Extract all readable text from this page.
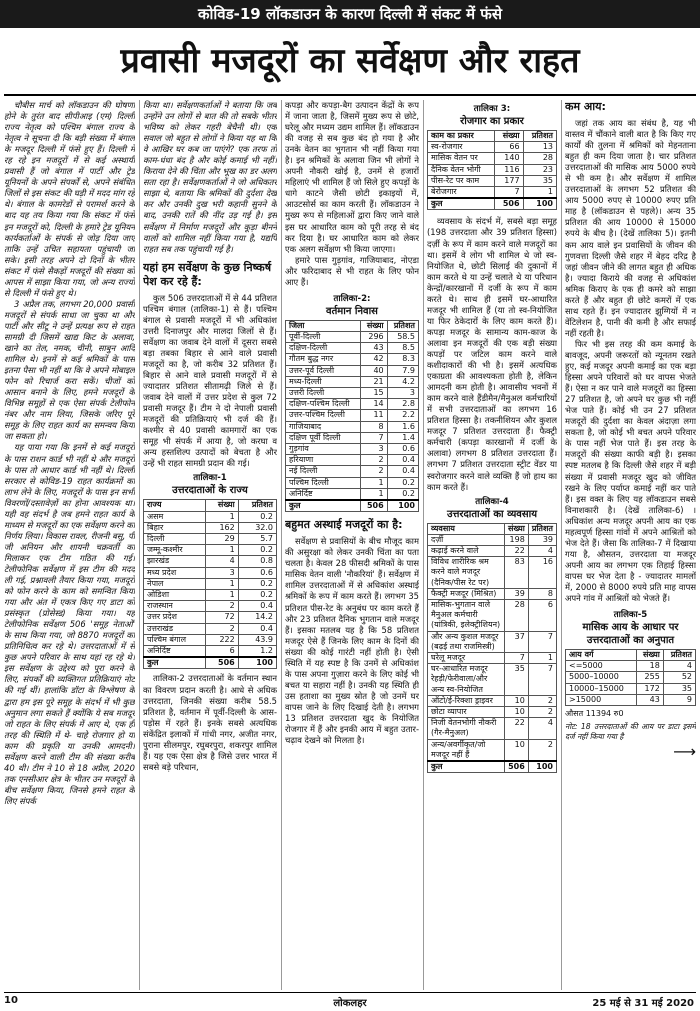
कोविड-19 लॉकडाउन के कारण दिल्ली में संकट में फंसे
प्रवासी मजदूरों का सर्वेक्षण और राहत

चौबीस मार्च को लॉकडाउन की घोषणा होने के तुरंत बाद सीपीआइ (एम) दिल्ली राज्य नेतृत्व को पश्चिम बंगाल राज्य के नेतृत्व ने सूचना दी कि बड़ी संख्या में बंगाल के मजदूर दिल्ली में फंसे हुए हैं। दिल्ली में रह रहे इन मजदूरों में से कई अस्थायी प्रवासी हैं जो बंगाल में पार्टी और ट्रेड यूनियनों के अपने संपर्कों से, अपने संबंधित जिलों से इस संकट की घड़ी में मदद मांग रहे थे। बंगाल के कामरेडों से परामर्श करने के बाद यह तय किया गया कि संकट में फंसे इन मजदूरों को, दिल्ली के हमारे ट्रेड यूनियन कार्यकर्ताओं के संपर्क से जोड़ दिया जाए ताकि उन्हें उचित सहायता पहुंचायी जा सके। इसी तरह अपने दो दिनों के भीतर संकट में फंसे सैकड़ों मजदूरों की संख्या को आपस में साझा किया गया, जो अन्य राज्यों से दिल्ली में फंसे हुए थे।

3 अप्रैल तक, लगभग 20,000 प्रवासी मजदूरों से संपर्क साधा जा चुका था और पार्टी और सीटू ने उन्हें प्रत्यक्ष रूप से राहत सामग्री दी जिसमें खाद्य किट के अलावा, खाने का तेल, नमक, चीनी, साबुन आदि शामिल थे। इनमें से कई श्रमिकों के पास इतना पैसा भी नहीं था कि वे अपने मोबाइल फोन को रिचार्ज करा सकें। चीजों को आसान बनाने के लिए, हमने मजदूरों के विभिन्न समूहों से एक ऐसा संपर्क टेलीफोन नंबर और नाम लिया, जिसके जरिए पूरे समूह के लिए राहत कार्य का समन्वय किया जा सकता हो।

यह पाया गया कि इनमें से कई मजदूरों के पास राशन कार्ड भी नहीं थे और मजदूरों के पास तो आधार कार्ड भी नहीं थे। दिल्ली सरकार से कोविड-19 राहत कार्यक्रमों का लाभ लेने के लिए, मजदूरों के पास इन सभी विवरणों/दस्तावेज़ों का होना आवश्यक था। यही वह संदर्भ है जब हमने राहत कार्य के माध्यम से मजदूरों का एक सर्वेक्षण करने का निर्णय लिया। विकास रावल, रीजनी बसु, पी जी अनियन और शायनी चक्रवर्ती का मिलाकर एक टीम गठित की गई। टेलीफोनिक सर्वेक्षण में इस टीम की मदद ली गई, प्रश्नावली तैयार किया गया, मजदूरों को फोन करने के काम को समन्वित किया गया और अंत में एकत्र किए गए डाटा को प्रसंस्कृत (प्रोसेस्ड) किया गया। यह टेलीफोनिक सर्वेक्षण 506 'समूह नेताओं' के साथ किया गया, जो 8870 मजदूरों का प्रतिनिधित्व कर रहे थे। उत्तरदाताओं में से कुछ अपने परिवार के साथ यहां रह रहे थे। इस सर्वेक्षण के उद्देश्य को पूरा करने के लिए, संपर्कों की व्यक्तिगत प्रतिक्रियाएं नोट की गई थीं। हालांकि डॉटा के विश्लेषण के द्वारा हम इस पूरे समूह के संदर्भ में भी कुछ अनुमान लगा सकते हैं क्योंकि ये सब मजदूर जो राहत के लिए संपर्क में आए थे, एक ही तरह की स्थिति में थे- चाहे रोजगार हो या काम की प्रकृति या उनकी आमदनी। सर्वेक्षण करने वाली टीम की संख्या करीब 40 थी। टीम ने 10 से 18 अप्रैल, 2020 तक एनसीआर क्षेत्र के भीतर उन मजदूरों के बीच सर्वेक्षण किया, जिनसे हमने राहत के लिए संपर्क

किया था। सर्वेक्षणकर्ताओं ने बताया कि जब उन्होंने उन लोगों से बात की तो सबके भीतर भविष्य को लेकर गहरी बेचैनी थी। एक सवाल जो बहुत से लोगों ने किया यह था कि वे आखिर घर कब जा पाएंगे? एक तरफ तो काम-धंधा बंद है और कोई कमाई भी नहीं। किराया देने की चिंता और भूख का डर अलग सता रहा है। सर्वेक्षणकर्ताओं ने जो अधिकतर साझा थे, बताया कि श्रमिकों की दुर्दशा देख कर और उनकी दुख भरी कहानी सुनने के बाद, उनकी रातें की नींद उड़ गई है। इस सर्वेक्षण में निर्माण मजदूरों और कूड़ा बीनने वालों को शामिल नहीं किया गया है, यद्यपि राहत सब तक पहुंचायी गई है।

यहां हम सर्वेक्षण के कुछ निष्कर्ष पेश कर रहे हैं:

कुल 506 उत्तरदाताओं में से 44 प्रतिशत पश्चिम बंगाल (तालिका-1) से हैं। पश्चिम बंगाल से प्रवासी मजदूरों में भी अधिकांश उत्तरी दिनाजपुर और मालदा जिलों से हैं। सर्वेक्षण का जवाब देने वालों में दूसरा सबसे बड़ा तबका बिहार से आने वाले प्रवासी मजदूरों का है, जो करीब 32 प्रतिशत हैं। बिहार से आने वाले प्रवासी मजदूरों में से ज्यादातर प्रतिशत सीतामढ़ी जिले से हैं। जवाब देने वालों में उत्तर प्रदेश से कुल 72 प्रवासी मजदूर हैं। टीम ने दो नेपाली प्रवासी मजदूरों की प्रतिक्रियाएं भी दर्ज की हैं। कश्मीर से 40 प्रवासी कामगारों का एक समूह भी संपर्क में आया है, जो करघा व अन्य हस्तशिल्प उत्पादों को बेचता है और उन्हें भी राहत सामग्री प्रदान की गई।

तालिका-1
उत्तरदाताओं के राज्य
राज्य	संख्या	प्रतिशत
असम	1	0.2
बिहार	162	32.0
दिल्ली	29	5.7
जम्मू-कश्मीर	1	0.2
झारखंड	4	0.8
मध्य प्रदेश	3	0.6
नेपाल	1	0.2
ओडिशा	1	0.2
राजस्थान	2	0.4
उत्तर प्रदेश	72	14.2
उत्तराखंड	2	0.4
पश्चिम बंगाल	222	43.9
अनिर्दिष्ट	6	1.2
कुल	506	100

तालिका-2 उत्तरदाताओं के वर्तमान स्थान का विवरण प्रदान करती है। आधे से अधिक उत्तरदाता, जिनकी संख्या करीब 58.5 प्रतिशत है, वर्तमान में पूर्वी-दिल्ली के आस-पड़ोस में रहते हैं। इनके सबसे अत्यधिक संकेंद्रित इलाकों में गांधी नगर, अजीत नगर, पुराना सीलमपुर, रघुबरपुरा, शकरपुर शामिल हैं। यह एक ऐसा क्षेत्र है जिसे उत्तर भारत में सबसे बड़े परिधान,

कपड़ा और कपड़ा-बैग उत्पादन केंद्रों के रूप में जाना जाता है, जिसमें मुख्य रूप से छोटे, घरेलू और मध्यम उद्यम शामिल हैं। लॉकडाउन की वजह से सब कुछ बंद हो गया है और उनके वेतन का भुगतान भी नहीं किया गया है। इन श्रमिकों के अलावा जिन भी लोगों ने अपनी नौकरी खोई है, उनमें से हजारों महिलाएं भी शामिल हैं जो सिले हुए कपड़ों के धागे काटने जैसी छोटी इकाइयों में, आउटसोर्स का काम करती हैं। लॉकडाउन ने मुख्य रूप से महिलाओं द्वारा किए जाने वाले इस घर आधारित काम को पूरी तरह से बंद कर दिया है। घर आधारित काम को लेकर एक अलग सर्वेक्षण भी किया जाएगा।

हमारे पास गुड़गांव, गाजियाबाद, नोएडा और फरिदाबाद से भी राहत के लिए फोन आए हैं।

तालिका-2:
वर्तमान निवास
जिला	संख्या	प्रतिशत
पूर्वी-दिल्ली	296	58.5
दक्षिण-दिल्ली	43	8.5
गौतम बुद्ध नगर	42	8.3
उत्तर-पूर्व दिल्ली	40	7.9
मध्य-दिल्ली	21	4.2
उत्तरी दिल्ली	15	3
दक्षिण-पश्चिम दिल्ली	14	2.8
उत्तर-पश्चिम दिल्ली	11	2.2
गाजियाबाद	8	1.6
दक्षिण पूर्वी दिल्ली	7	1.4
गुड़गांव	3	0.6
हरियाणा	2	0.4
नई दिल्ली	2	0.4
पश्चिम दिल्ली	1	0.2
अनिर्दिष्ट	1	0.2
कुल	506	100
बहुमत अस्थाई मजदूरों का है:

सर्वेक्षण से प्रवासियों के बीच मौजूद काम की असुरक्षा को लेकर उनकी चिंता का पता चलता है। केवल 28 फीसदी श्रमिकों के पास मासिक वेतन वाली 'नौकरियां' हैं। सर्वेक्षण में शामिल उत्तरदाताओं में से अधिकांश अस्थाई श्रमिकों के रूप में काम करते हैं। लगभग 35 प्रतिशत पीस-रेट के अनुबंध पर काम करते हैं और 23 प्रतिशत दैनिक भुगतान वाले मजदूर हैं। इसका मतलब यह है कि 58 प्रतिशत मजदूर ऐसे हैं जिनके लिए काम के दिनों की संख्या की कोई गारंटी नहीं होती है। ऐसी स्थिति में यह स्पष्ट है कि उनमें से अधिकांश के पास अपना गुज़ारा करने के लिए कोई भी बचत या सहारा नहीं है। उनकी यह स्थिति ही उस हताशा का मुख्य स्रोत है जो उनमें घर वापस जाने के लिए दिखाई देती है। लगभग 13 प्रतिशत उत्तरदाता खुद के नियोजित रोजगार में हैं और इनकी आय में बहुत उतार-चढ़ाव देखने को मिलता है।

तालिका 3:
रोजगार का प्रकार
काम का प्रकार	संख्या	प्रतिशत
स्व-रोजगार	66	13
मासिक वेतन पर	140	28
दैनिक वेतन भोगी	116	23
पीस-रेट पर काम	177	35
बेरोजगार	7	1
कुल	506	100

व्यवसाय के संदर्भ में, सबसे बड़ा समूह (198 उत्तरदाता और 39 प्रतिशत हिस्सा) दर्ज़ी के रूप में काम करने वाले मजदूरों का था। इसमें वे लोग भी शामिल थे जो स्व-नियोजित थे, छोटी सिलाई की दुकानों में काम करते थे या उन्हें चलाते थे या परिधान केन्द्रों/कारखानों में दर्जी के रूप में काम करते थे। साथ ही इसमें घर-आधारित मजदूर भी शामिल हैं (या तो स्व-नियोजित या फिर ठेकेदारों के लिए काम करते हैं)। कपड़ा मजदूर के सामान्य काम-काज के अलावा इन मजदूरों की एक बड़ी संख्या कपड़ों पर जटिल काम करने वाले कशीदाकारों की भी है। इसमें अत्यधिक एकाग्रता की आवश्यकता होती है, लेकिन आमदनी कम होती है। आवासीय भवनों में काम करने वाले हैंडीमैन/मैनुअल कर्मचारियों में सभी उत्तरदाताओं का लगभग 16 प्रतिशत हिस्सा है। तकनीशियन और कुशल मजदूर 7 प्रतिशत उत्तरदाता हैं। फैक्ट्री कर्मचारी (कपड़ा कारखानों में दर्जी के अलावा) लगभग 8 प्रतिशत उत्तरदाता हैं। लगभग 7 प्रतिशत उत्तरदाता स्ट्रीट वेंडर या स्वरोजगार करने वाले व्यक्ति हैं जो हाथ का काम करते हैं।

तालिका-4
उत्तरदाताओं का व्यवसाय
व्यवसाय	संख्या	प्रतिशत
दर्ज़ी	198	39
कढ़ाई करने वाले	22	4
विविध शारीरिक श्रम करने वाले मजदूर (दैनिक/पीस रेट पर)	83	16
फैक्ट्री मजदूर (मिश्रित)	39	8
मासिक-भुगतान वाले मैनुअल कर्मचारी (यांत्रिकी, इलेक्ट्रीशियन)	28	6
और अन्य कुशल मजदूर (बढ़ई तथा राजमिस्त्री)	37	7
घरेलू मजदूर	7	1
घर-आधारित मजदूर रेहड़ी/फेरीवाला/और अन्य स्व-नियोजित	35	7
ऑटो/ई-रिक्शा ड्राइवर	10	2
छोटा व्यापार	10	2
निजी वेतनभोगी नौकरी (गैर-मैनुअल)	22	4
अन्य/अवर्गीकृत/जो मजदूर नहीं हैं	10	2
कुल	506	100
कम आय:

जहां तक आय का संबंध है, यह भी वास्तव में चौंकाने वाली बात है कि किए गए कार्यों की तुलना में श्रमिकों को मेहनताना बहुत ही कम दिया जाता है। चार प्रतिशत उत्तरदाताओं की मासिक आय 5000 रुपये से भी कम है। और सर्वेक्षण में शामिल उत्तरदाताओं के लगभग 52 प्रतिशत की आय 5000 रुपए से 10000 रुपए प्रति माह है (लॉकडाउन से पहले)। अन्य 35 प्रतिशत की आय 10000 से 15000 रुपये के बीच है। (देखें तालिका 5)। इतनी कम आय वाले इन प्रवासियों के जीवन की गुणवत्ता दिल्ली जैसे शहर में बेहद दरिद्र है जहां जीवन जीने की लागत बहुत ही अधिक है। ज्यादा किराये की वजह से अधिकांश श्रमिक किराए के एक ही कमरे को साझा करते हैं और बहुत ही छोटे कमरों में एक साथ रहते हैं। इन ज्यादातर झुग्गियों में न वेंटिलेशन है, पानी की कमी है और सफाई नहीं रहती है।

फिर भी इस तरह की कम कमाई के बावजूद, अपनी जरूरतों को न्यूनतम रखते हुए, कई मजदूर अपनी कमाई का एक बड़ा हिस्सा अपने परिवारों को घर वापस भेजते हैं। ऐसा न कर पाने वाले मजदूरों का हिस्सा 27 प्रतिशत है, जो अपने घर कुछ भी नहीं भेज पाते हैं। कोई भी उन 27 प्रतिशत मजदूरों की दुर्दशा का केवल अंदाज़ा लगा सकता है, जो कोई भी बचत अपने परिवार के पास नहीं भेज पाते हैं। इस तरह के मजदूरों की संख्या काफी बड़ी है। इसका स्पष्ट मतलब है कि दिल्ली जैसे शहर में बड़ी संख्या में प्रवासी मजदूर खुद को जीवित रखने के लिए पर्याप्त कमाई नहीं कर पाते हैं। इस वक्त के लिए यह लॉकडाउन सबसे विनाशकारी है। (देखें तालिका-6) । अधिकांश अन्य मजदूर अपनी आय का एक महत्वपूर्ण हिस्सा गांवों में अपने आश्रितों को भेज देते हैं। जैसा कि तालिका-7 में दिखाया गया है, औसतन, उत्तरदाता या मजदूर अपनी आय का लगभग एक तिहाई हिस्सा वापस घर भेज देता है - ज्यादातर मामलों में, 2000 से 8000 रुपये प्रति माह वापस अपने गांव में आश्रितों को भेजते हैं।

तालिका-5
मासिक आय के आधार पर उत्तरदाताओं का अनुपात
आय वर्ग	संख्या	प्रतिशत
<=5000	18	4
5000–10000	255	52
10000–15000	172	35
>15000	43	9
औसत 11394 रु0
नोट: 18 उत्तरदाताओं की आय पर डाटा इसमें दर्ज नहीं किया गया है
⟶
10	लोकलहर	25 मई से 31 मई 2020
